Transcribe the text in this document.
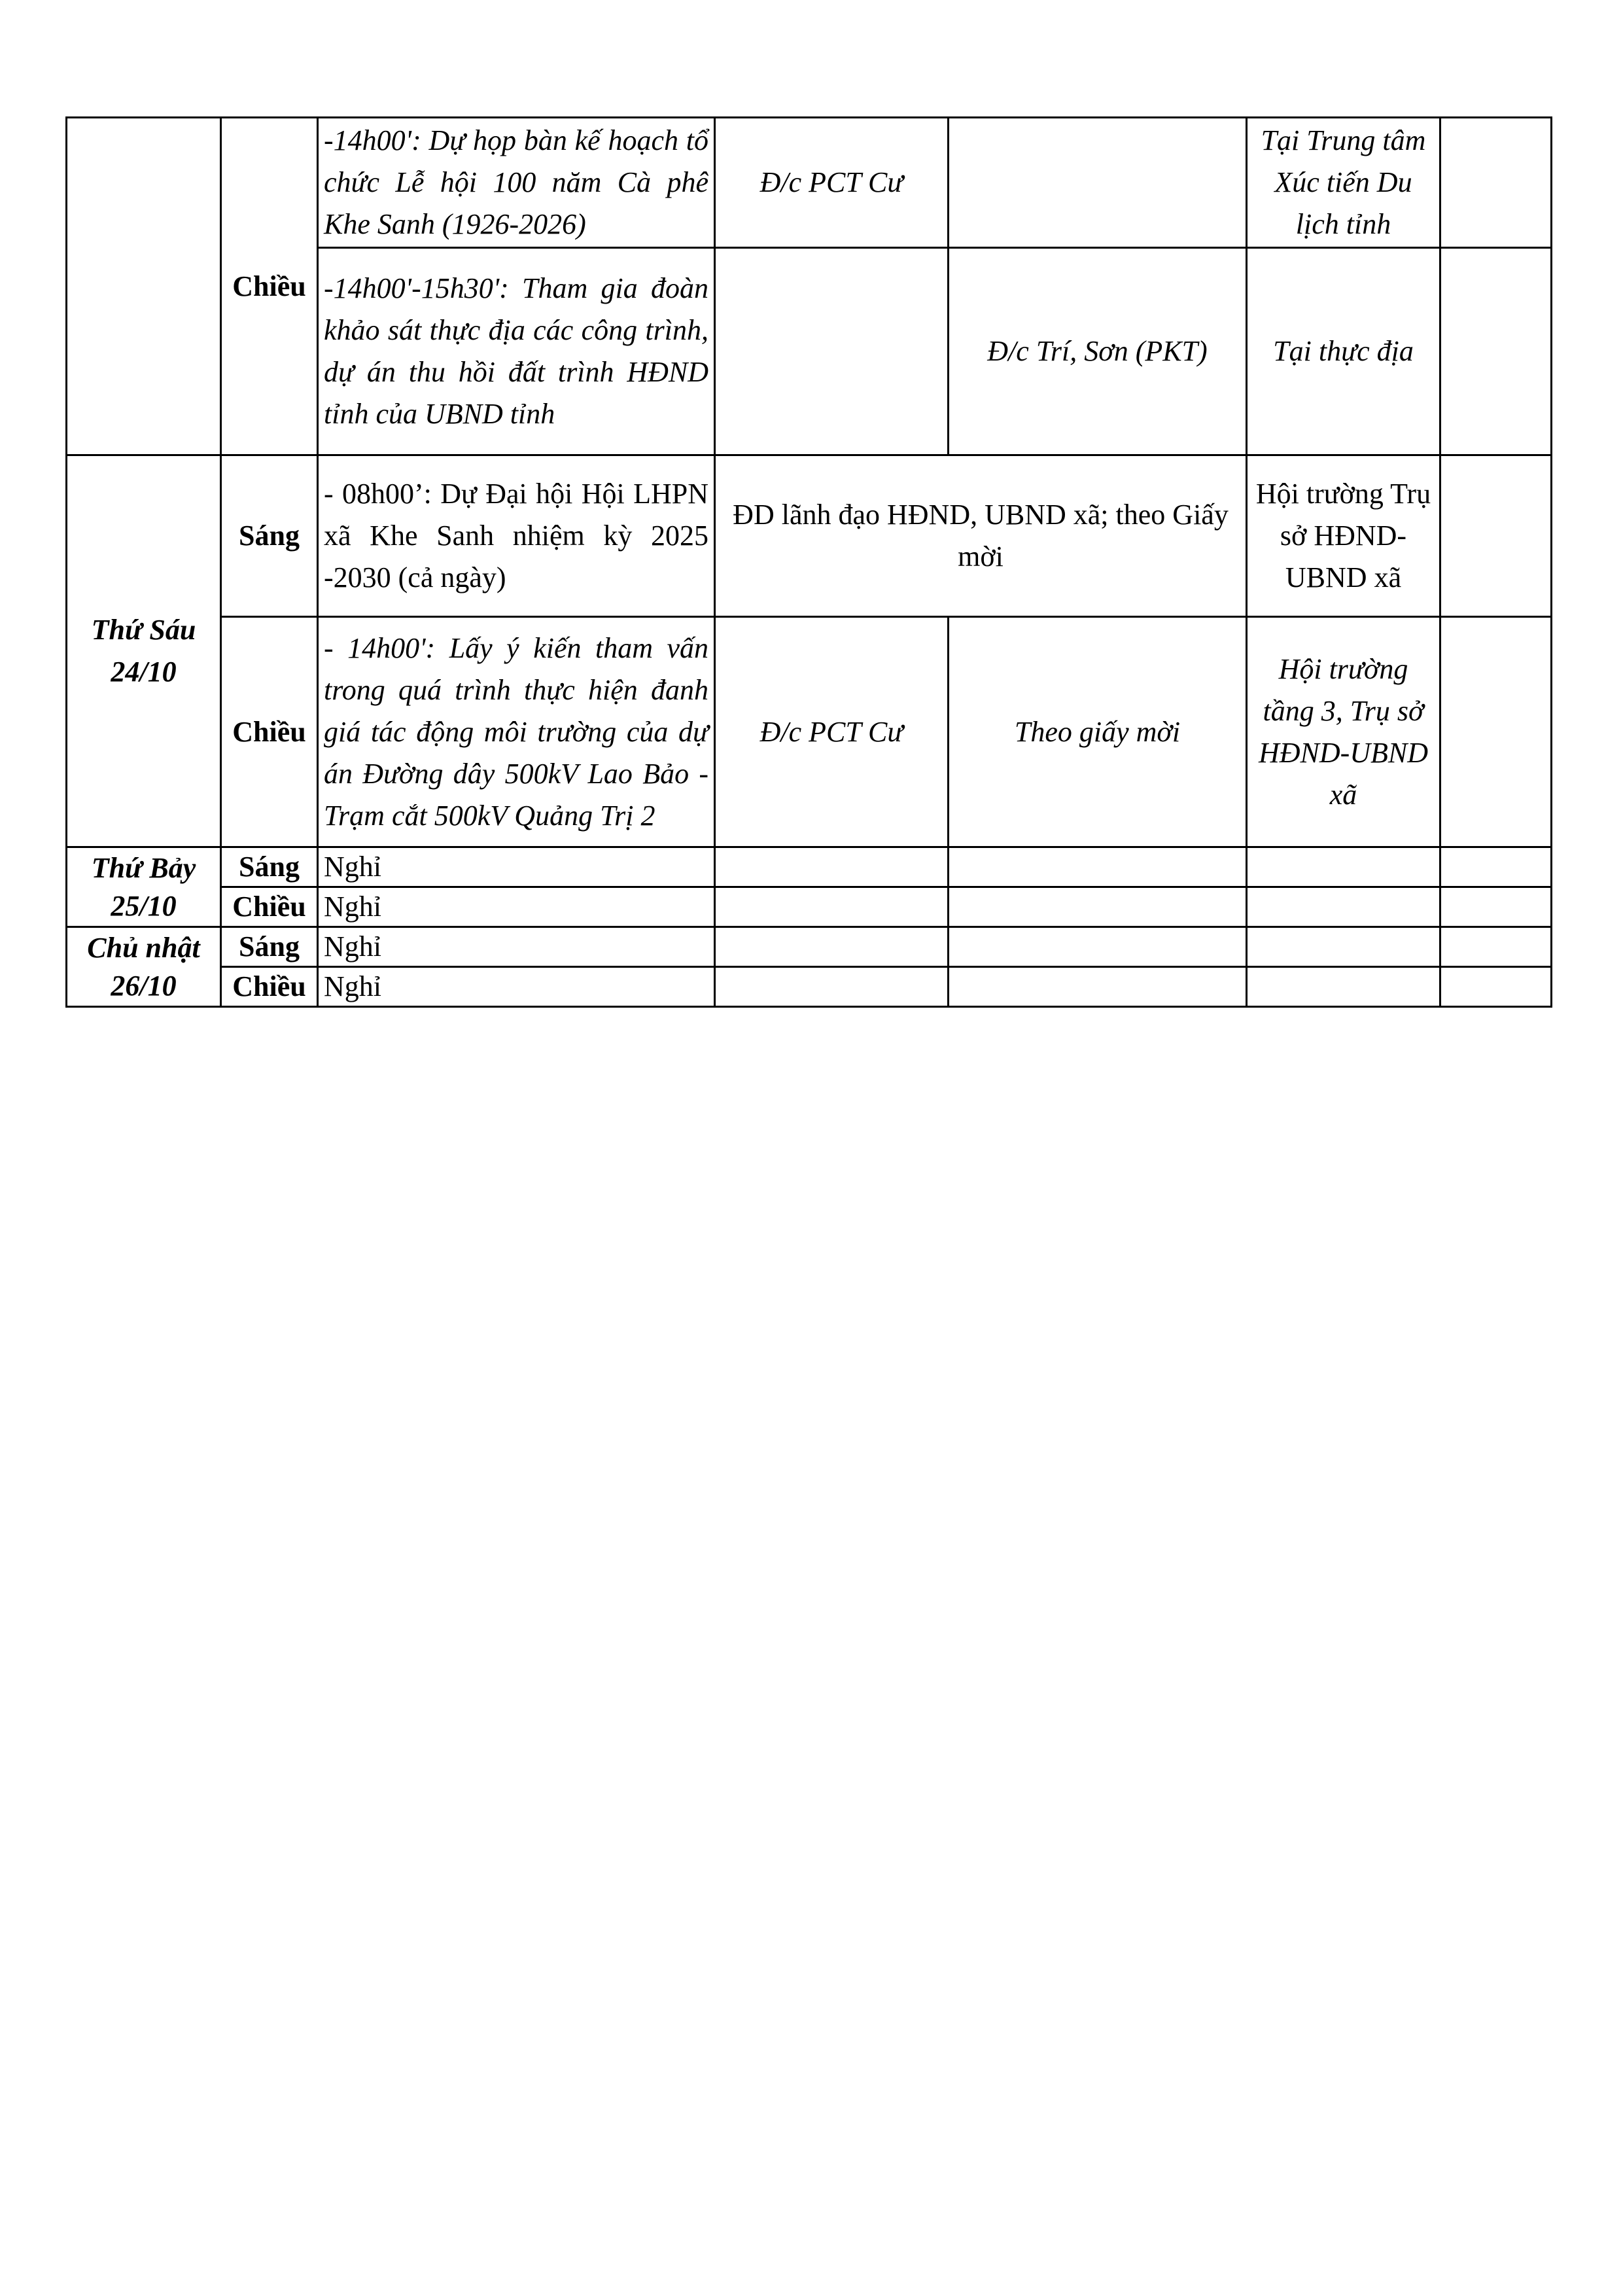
	Chiều	-14h00': Dự họp bàn kế hoạch tổ chức Lễ hội 100 năm Cà phê Khe Sanh (1926-2026)	Đ/c PCT Cư		Tại Trung tâm Xúc tiến Du lịch tỉnh	
		-14h00'-15h30': Tham gia đoàn khảo sát thực địa các công trình, dự án thu hồi đất trình HĐND tỉnh của UBND tỉnh		Đ/c Trí, Sơn (PKT)	Tại thực địa	

Thứ Sáu
24/10	Sáng	- 08h00’: Dự Đại hội Hội LHPN xã Khe Sanh nhiệm kỳ 2025 -2030 (cả ngày)	ĐD lãnh đạo HĐND, UBND xã; theo Giấy mời		Hội trường Trụ sở HĐND-UBND xã	
	Chiều	- 14h00': Lấy ý kiến tham vấn trong quá trình thực hiện đanh giá tác động môi trường của dự án Đường dây 500kV Lao Bảo - Trạm cắt 500kV Quảng Trị 2	Đ/c PCT Cư	Theo giấy mời	Hội trường tầng 3, Trụ sở HĐND-UBND xã	

Thứ Bảy
25/10	Sáng	Nghỉ				
	Chiều	Nghỉ				

Chủ nhật
26/10	Sáng	Nghỉ				
	Chiều	Nghỉ				
